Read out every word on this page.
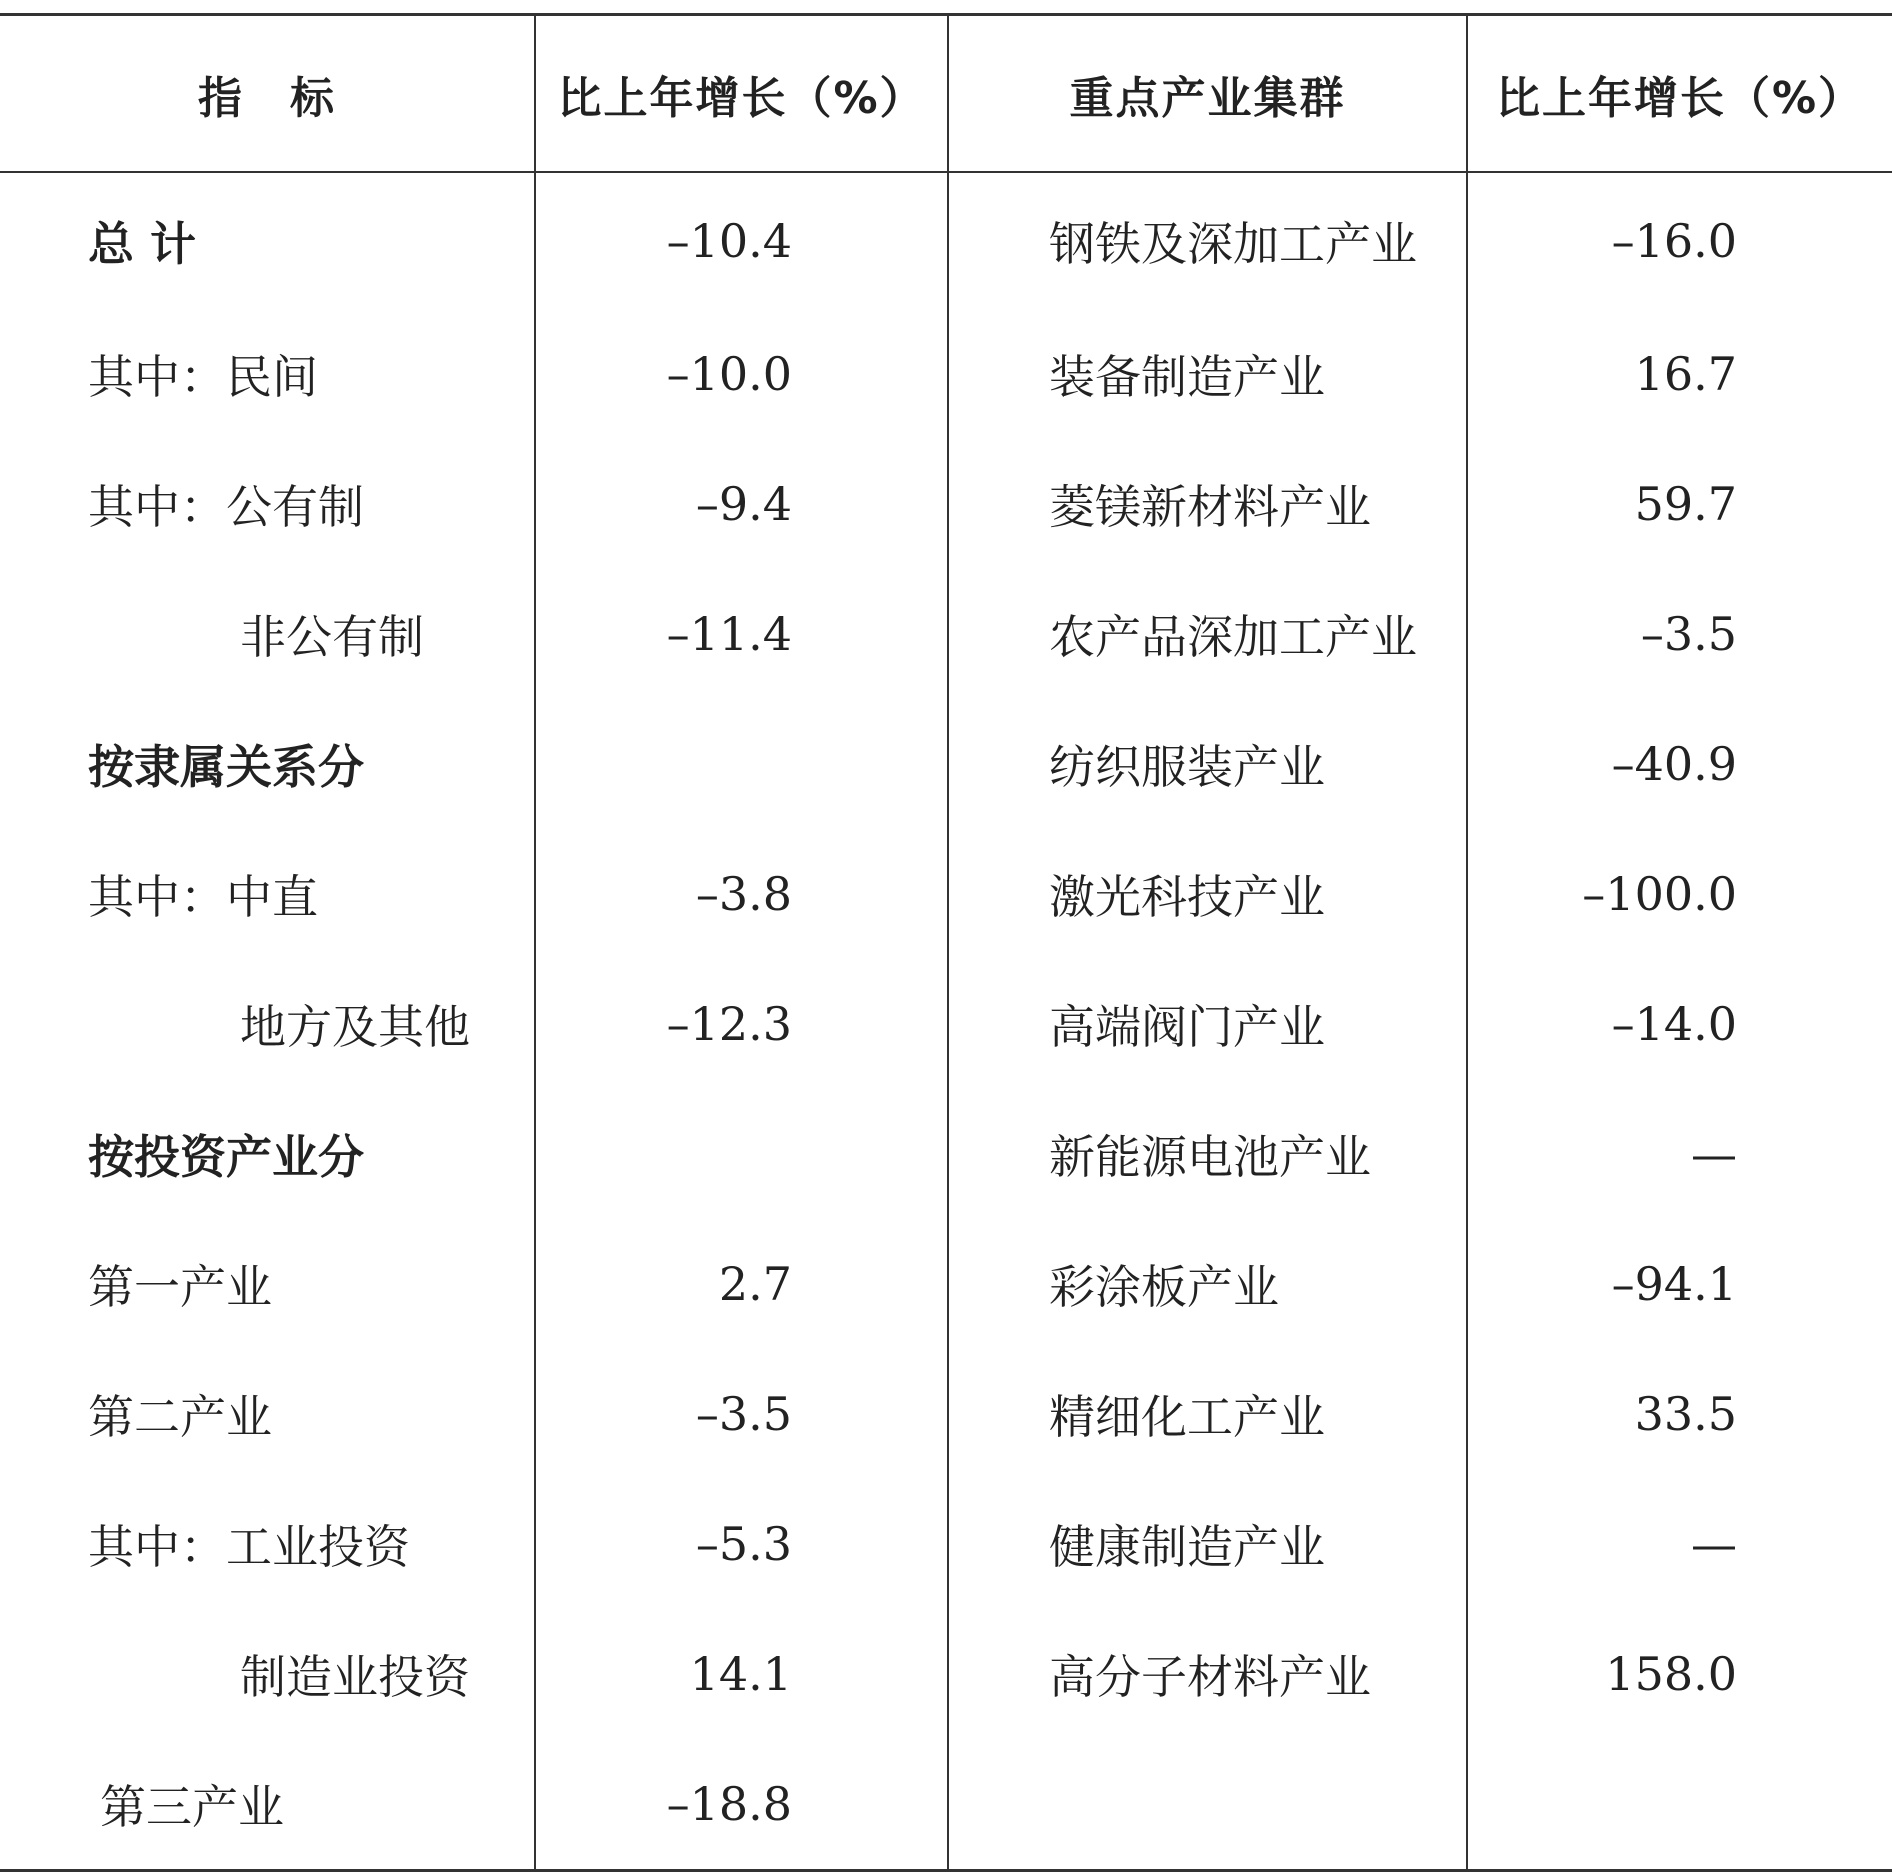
指　标	比上年增长（%）	重点产业集群	比上年增长（%）
总 计	–10.4	钢铁及深加工产业	–16.0
其中：民间	–10.0	装备制造产业	16.7
其中：公有制	–9.4	菱镁新材料产业	59.7
非公有制	–11.4	农产品深加工产业	–3.5
按隶属关系分		纺织服装产业	–40.9
其中：中直	–3.8	激光科技产业	–100.0
地方及其他	–12.3	高端阀门产业	–14.0
按投资产业分		新能源电池产业	—
第一产业	2.7	彩涂板产业	–94.1
第二产业	–3.5	精细化工产业	33.5
其中：工业投资	–5.3	健康制造产业	—
制造业投资	14.1	高分子材料产业	158.0
第三产业	–18.8		
